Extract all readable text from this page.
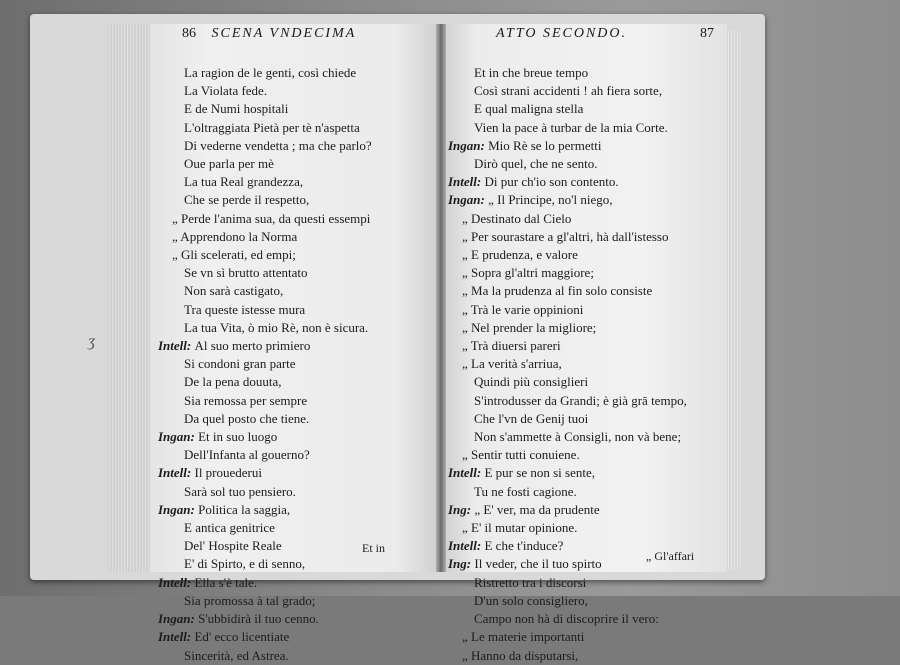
ʒ
86 SCENA VNDECIMA	ATTO SECONDO.	87
La ragion de le genti, così chiede
La Violata fede.
E de Numi hospitali
L'oltraggiata Pietà per tè n'aspetta
Di vederne vendetta ; ma che parlo?
Oue parla per mè
La tua Real grandezza,
Che se perde il respetto,
„ Perde l'anima sua, da questi essempi
„ Apprendono la Norma
„ Gli scelerati, ed empi;
Se vn sì brutto attentato
Non sarà castigato,
Tra queste istesse mura
La tua Vita, ò mio Rè, non è sicura.
Intell: Al suo merto primiero
Si condoni gran parte
De la pena douuta,
Sia remossa per sempre
Da quel posto che tiene.
Ingan: Et in suo luogo
Dell'Infanta al gouerno?
Intell: Il prouederui
Sarà sol tuo pensiero.
Ingan: Politica la saggia,
E antica genitrice
Del' Hospite Reale
E' di Spirto, e di senno,
Intell: Ella s'è tale.
Sia promossa à tal grado;
Ingan: S'ubbidirà il tuo cenno.
Intell: Ed' ecco licentiate
Sincerità, ed Astrea.
Et in che breue tempo
Così strani accidenti ! ah fiera sorte,
E qual maligna stella
Vien la pace à turbar de la mia Corte.
Ingan: Mio Rè se lo permetti
Dirò quel, che ne sento.
Intell: Di pur ch'io son contento.
Ingan: „ Il Principe, no'l niego,
„ Destinato dal Cielo
„ Per sourastare a gl'altri, hà dall'istesso
„ E prudenza, e valore
„ Sopra gl'altri maggiore;
„ Ma la prudenza al fin solo consiste
„ Trà le varie oppinioni
„ Nel prender la migliore;
„ Trà diuersi pareri
„ La verità s'arriua,
Quindi più consiglieri
S'introdusser da Grandi; è già grā tempo,
Che l'vn de Genij tuoi
Non s'ammette à Consigli, non và bene;
„ Sentir tutti conuiene.
Intell: E pur se non si sente,
Tu ne fosti cagione.
Ing: „ E' ver, ma da prudente
„ E' il mutar opinione.
Intell: E che t'induce?
Ing: Il veder, che il tuo spirto
Ristretto tra i discorsi
D'un solo consigliero,
Campo non hà di discoprire il vero:
„ Le materie importanti
„ Hanno da disputarsi,
Et in
„ Gl'affari
